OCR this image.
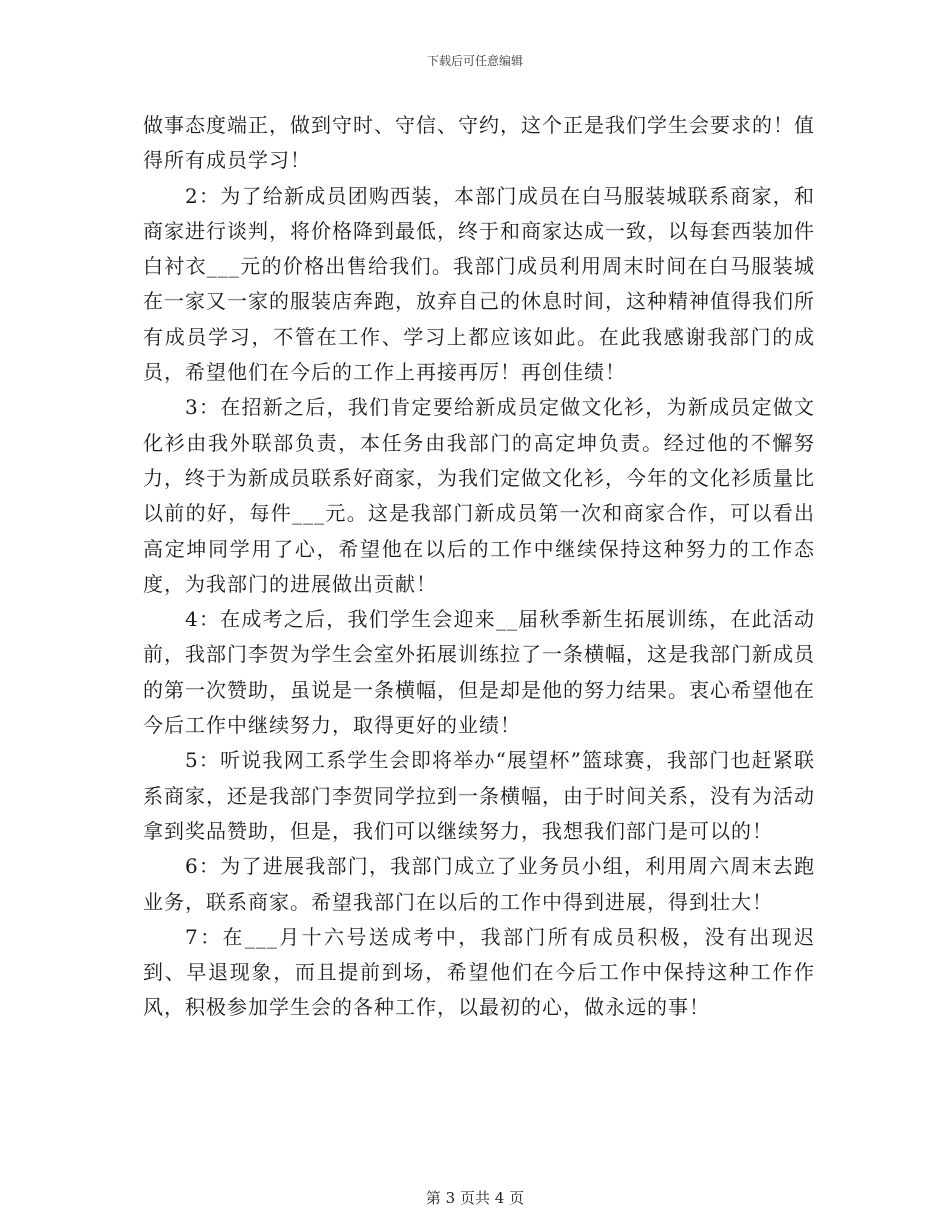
下载后可任意编辑

做事态度端正，做到守时、守信、守约，这个正是我们学生会要求的！值得所有成员学习！

2：为了给新成员团购西装，本部门成员在白马服装城联系商家，和商家进行谈判，将价格降到最低，终于和商家达成一致，以每套西装加件白衬衣___元的价格出售给我们。我部门成员利用周末时间在白马服装城在一家又一家的服装店奔跑，放弃自己的休息时间，这种精神值得我们所有成员学习，不管在工作、学习上都应该如此。在此我感谢我部门的成员，希望他们在今后的工作上再接再厉！再创佳绩！

3：在招新之后，我们肯定要给新成员定做文化衫，为新成员定做文化衫由我外联部负责，本任务由我部门的高定坤负责。经过他的不懈努力，终于为新成员联系好商家，为我们定做文化衫，今年的文化衫质量比以前的好，每件___元。这是我部门新成员第一次和商家合作，可以看出高定坤同学用了心，希望他在以后的工作中继续保持这种努力的工作态度，为我部门的进展做出贡献！

4：在成考之后，我们学生会迎来__届秋季新生拓展训练，在此活动前，我部门李贺为学生会室外拓展训练拉了一条横幅，这是我部门新成员的第一次赞助，虽说是一条横幅，但是却是他的努力结果。衷心希望他在今后工作中继续努力，取得更好的业绩！

5：听说我网工系学生会即将举办“展望杯”篮球赛，我部门也赶紧联系商家，还是我部门李贺同学拉到一条横幅，由于时间关系，没有为活动拿到奖品赞助，但是，我们可以继续努力，我想我们部门是可以的！

6：为了进展我部门，我部门成立了业务员小组，利用周六周末去跑业务，联系商家。希望我部门在以后的工作中得到进展，得到壮大！

7：在___月十六号送成考中，我部门所有成员积极，没有出现迟到、早退现象，而且提前到场，希望他们在今后工作中保持这种工作作风，积极参加学生会的各种工作，以最初的心，做永远的事！

第 3 页共 4 页
